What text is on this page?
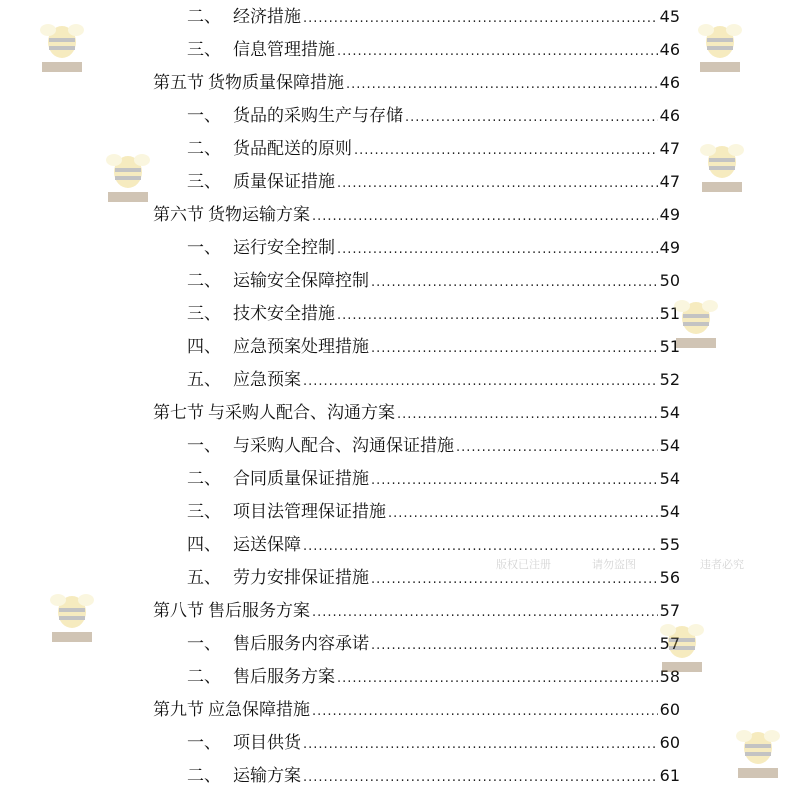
二、 经济措施 .....	45
三、 信息管理措施 .....	46
第五节 货物质量保障措施 .....	46
一、 货品的采购生产与存储 .....	46
二、 货品配送的原则 .....	47
三、 质量保证措施 .....	47
第六节 货物运输方案 .....	49
一、 运行安全控制 .....	49
二、 运输安全保障控制 .....	50
三、 技术安全措施 .....	51
四、 应急预案处理措施 .....	51
五、 应急预案 .....	52
第七节 与采购人配合、沟通方案 .....	54
一、 与采购人配合、沟通保证措施 .....	54
二、 合同质量保证措施 .....	54
三、 项目法管理保证措施 .....	54
四、 运送保障 .....	55
五、 劳力安排保证措施 .....	56
第八节 售后服务方案 .....	57
一、 售后服务内容承诺 .....	57
二、 售后服务方案 .....	58
第九节 应急保障措施 .....	60
一、 项目供货 .....	60
二、 运输方案 .....	61
版权已注册	请勿盗图	违者必究
